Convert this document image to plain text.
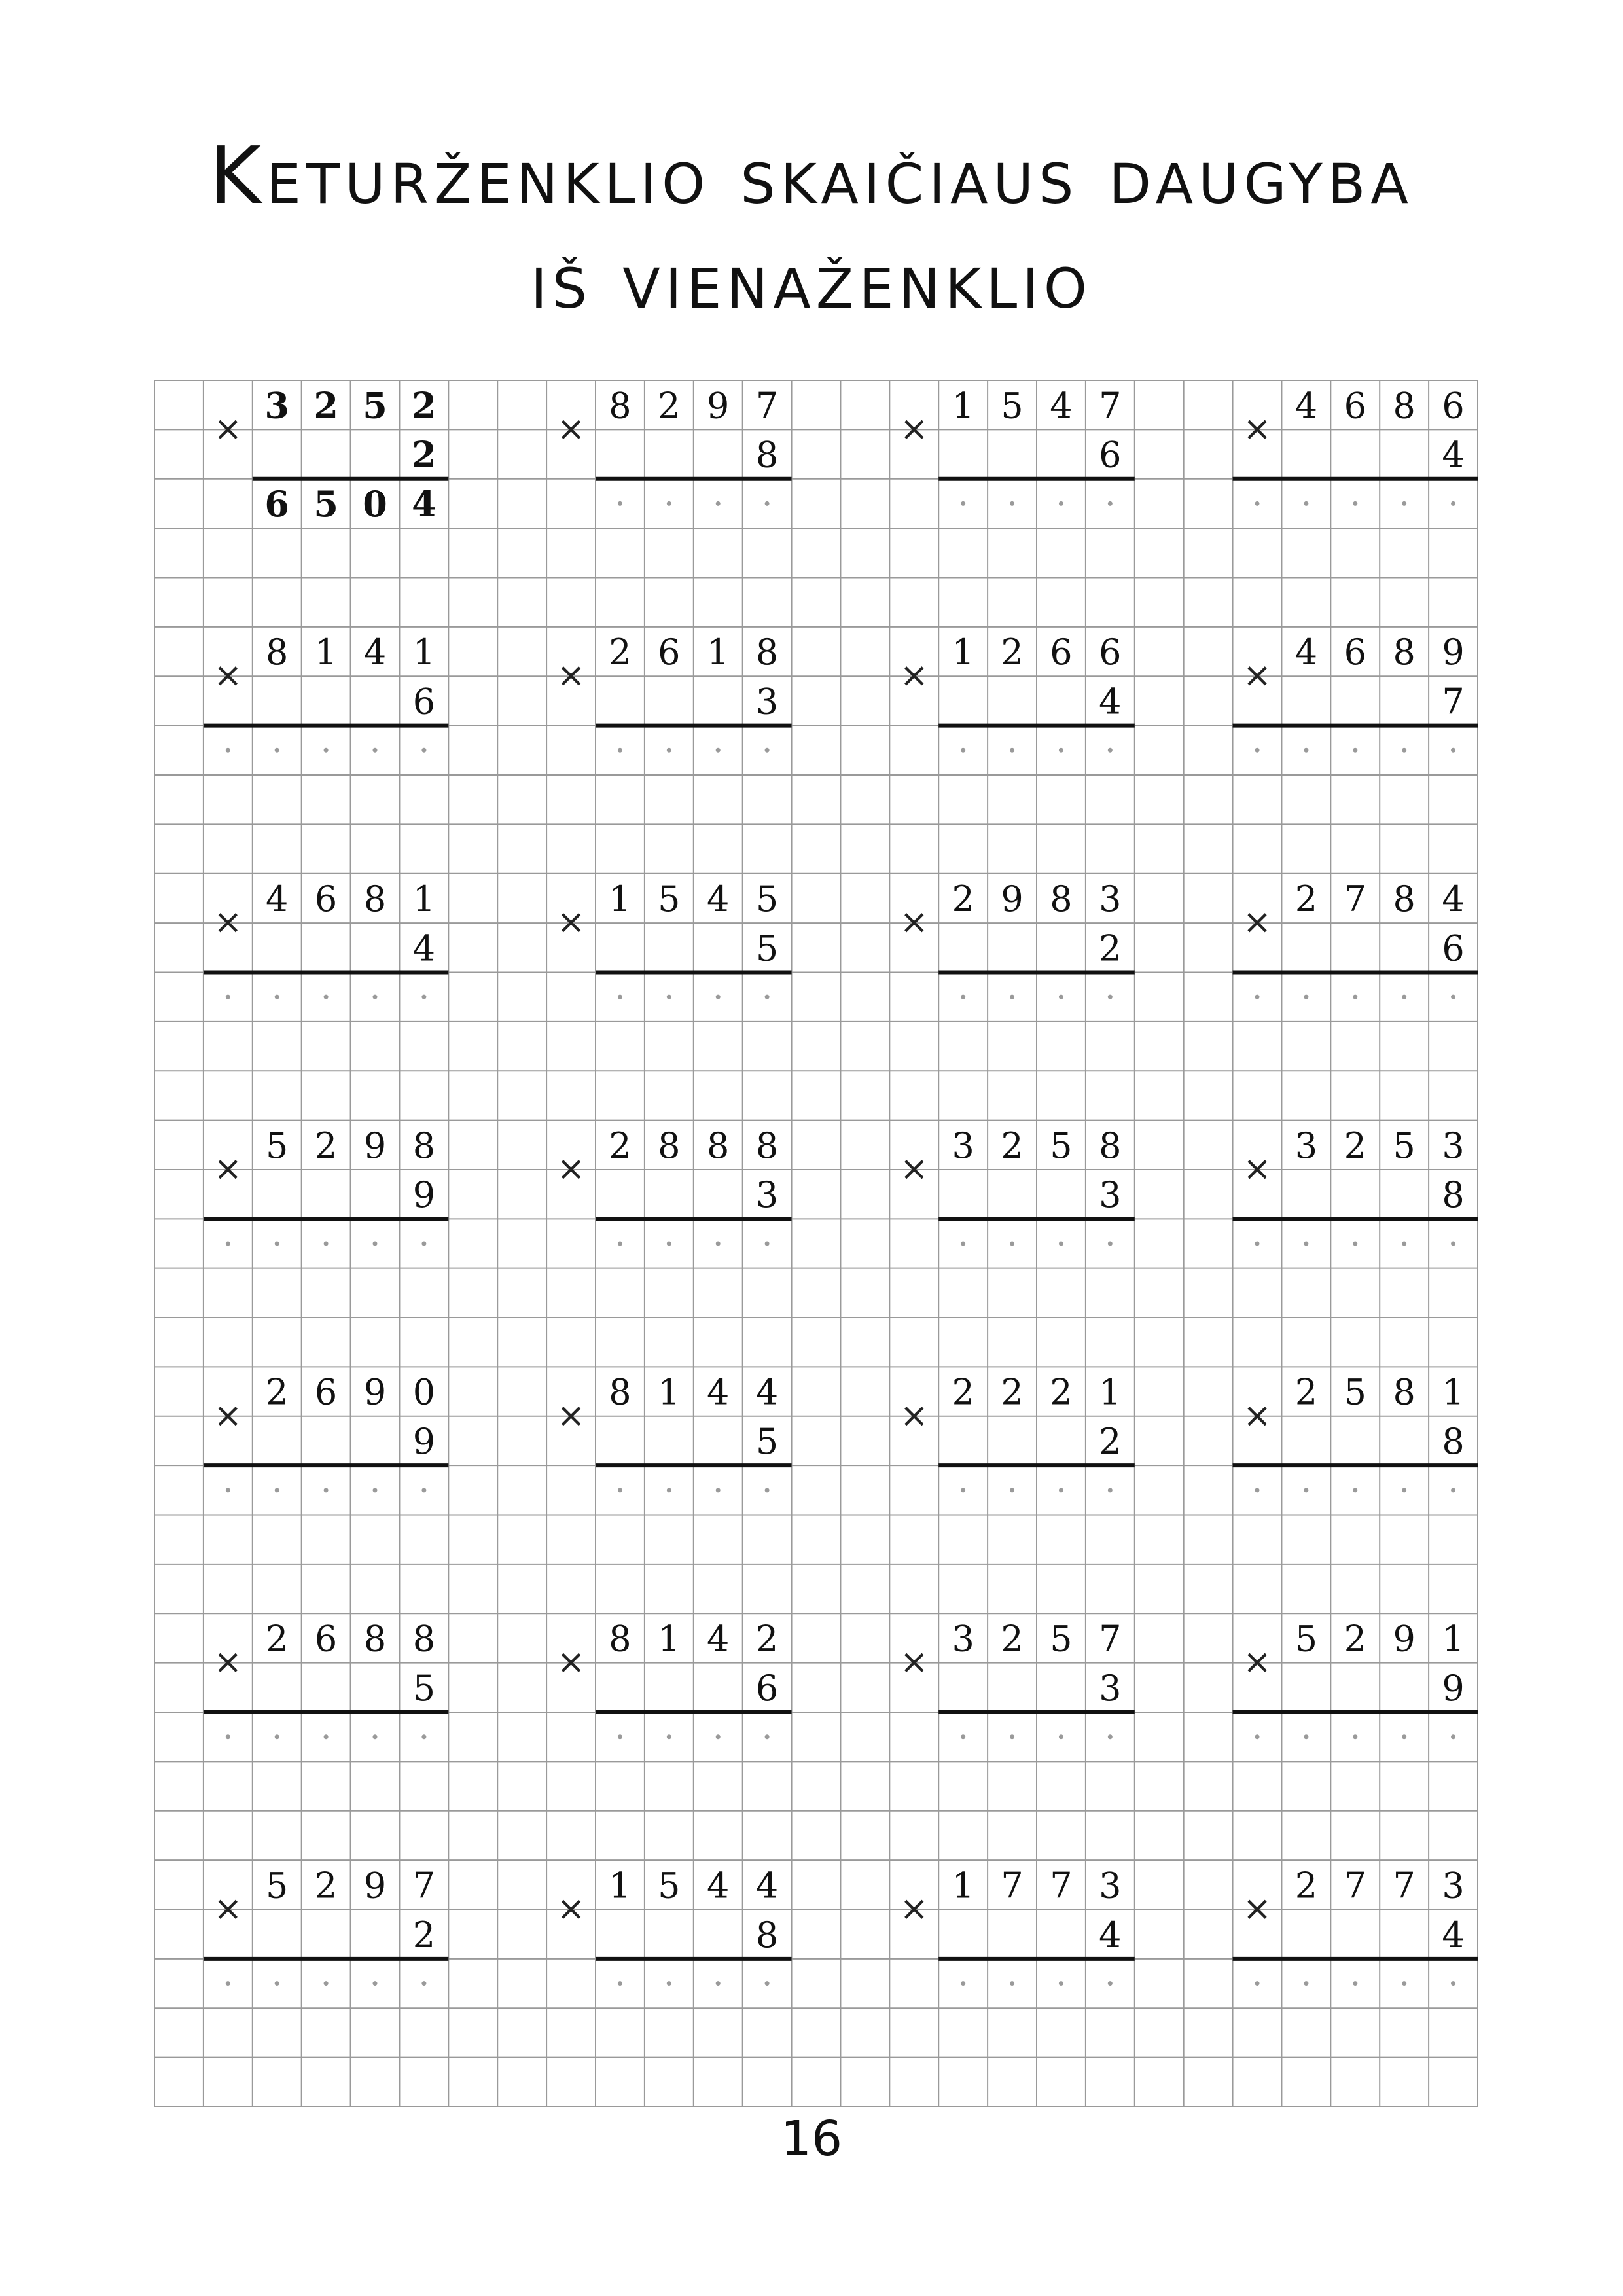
Keturženklio skaičiaus daugyba
iš vienaženklio
×
3 2 5 2
2
6 5 0 4
×
8 2 9 7
8
×
1 5 4 7
6
×
4 6 8 6
4
×
8 1 4 1
6
×
2 6 1 8
3
×
1 2 6 6
4
×
4 6 8 9
7
×
4 6 8 1
4
×
1 5 4 5
5
×
2 9 8 3
2
×
2 7 8 4
6
×
5 2 9 8
9
×
2 8 8 8
3
×
3 2 5 8
3
×
3 2 5 3
8
×
2 6 9 0
9
×
8 1 4 4
5
×
2 2 2 1
2
×
2 5 8 1
8
×
2 6 8 8
5
×
8 1 4 2
6
×
3 2 5 7
3
×
5 2 9 1
9
×
5 2 9 7
2
×
1 5 4 4
8
×
1 7 7 3
4
×
2 7 7 3
4
16
